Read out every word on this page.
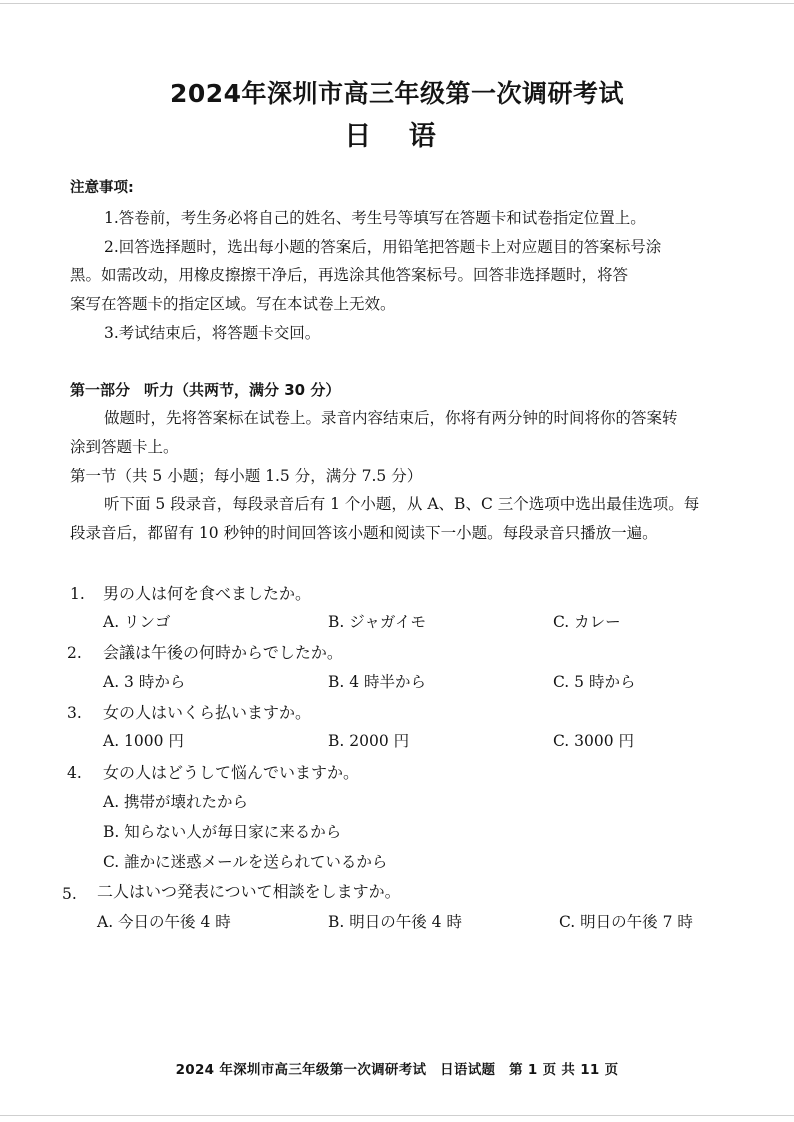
2024年深圳市高三年级第一次调研考试
日 语
注意事项:
1.答卷前，考生务必将自己的姓名、考生号等填写在答题卡和试卷指定位置上。
2.回答选择题时，选出每小题的答案后，用铅笔把答题卡上对应题目的答案标号涂
黑。如需改动，用橡皮擦擦干净后，再选涂其他答案标号。回答非选择题时，将答
案写在答题卡的指定区域。写在本试卷上无效。
3.考试结束后，将答题卡交回。
第一部分 听力（共两节，满分 30 分）
做题时，先将答案标在试卷上。录音内容结束后，你将有两分钟的时间将你的答案转
涂到答题卡上。
第一节（共 5 小题；每小题 1.5 分，满分 7.5 分）
听下面 5 段录音，每段录音后有 1 个小题，从 A、B、C 三个选项中选出最佳选项。每
段录音后，都留有 10 秒钟的时间回答该小题和阅读下一小题。每段录音只播放一遍。
1. 男の人は何を食べましたか。
A. リンゴ	B. ジャガイモ	C. カレー
2. 会議は午後の何時からでしたか。
A. 3 時から	B. 4 時半から	C. 5 時から
3. 女の人はいくら払いますか。
A. 1000 円	B. 2000 円	C. 3000 円
4. 女の人はどうして悩んでいますか。
A. 携帯が壊れたから
B. 知らない人が毎日家に来るから
C. 誰かに迷惑メールを送られているから
5. 二人はいつ発表について相談をしますか。
A. 今日の午後 4 時	B. 明日の午後 4 時	C. 明日の午後 7 時
2024 年深圳市高三年级第一次调研考试　日语试题　第 1 页 共 11 页
